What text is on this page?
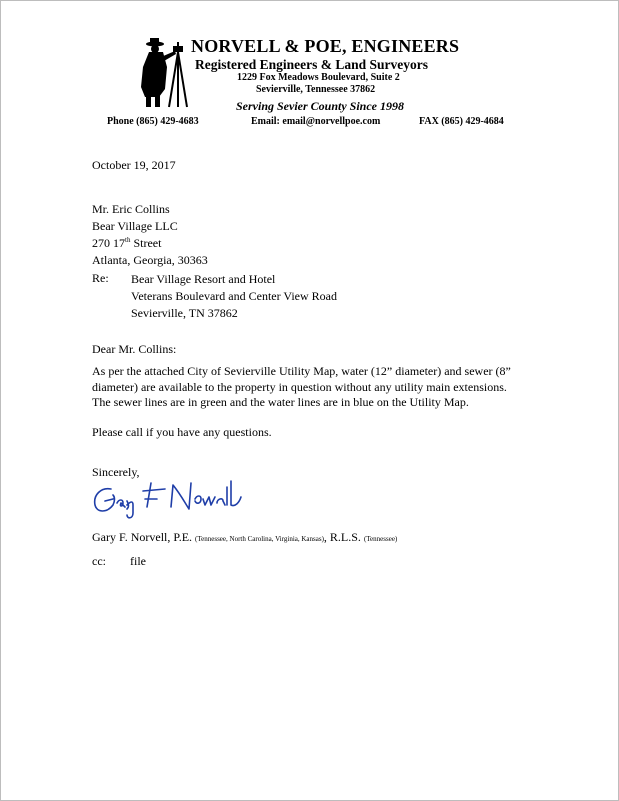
NORVELL & POE, ENGINEERS
Registered Engineers & Land Surveyors
1229 Fox Meadows Boulevard, Suite 2
Sevierville, Tennessee 37862
Serving Sevier County Since 1998
Phone (865) 429-4683	Email: email@norvellpoe.com	FAX (865) 429-4684
October 19, 2017
Mr. Eric Collins
Bear Village LLC
270 17th Street
Atlanta, Georgia, 30363
Re: Bear Village Resort and Hotel
Veterans Boulevard and Center View Road
Sevierville, TN 37862
Dear Mr. Collins:
As per the attached City of Sevierville Utility Map, water (12” diameter) and sewer (8”
diameter) are available to the property in question without any utility main extensions.
The sewer lines are in green and the water lines are in blue on the Utility Map.
Please call if you have any questions.
Sincerely,
Gary F. Norvell, P.E. (Tennessee, North Carolina, Virginia, Kansas), R.L.S. (Tennessee)
cc: file
